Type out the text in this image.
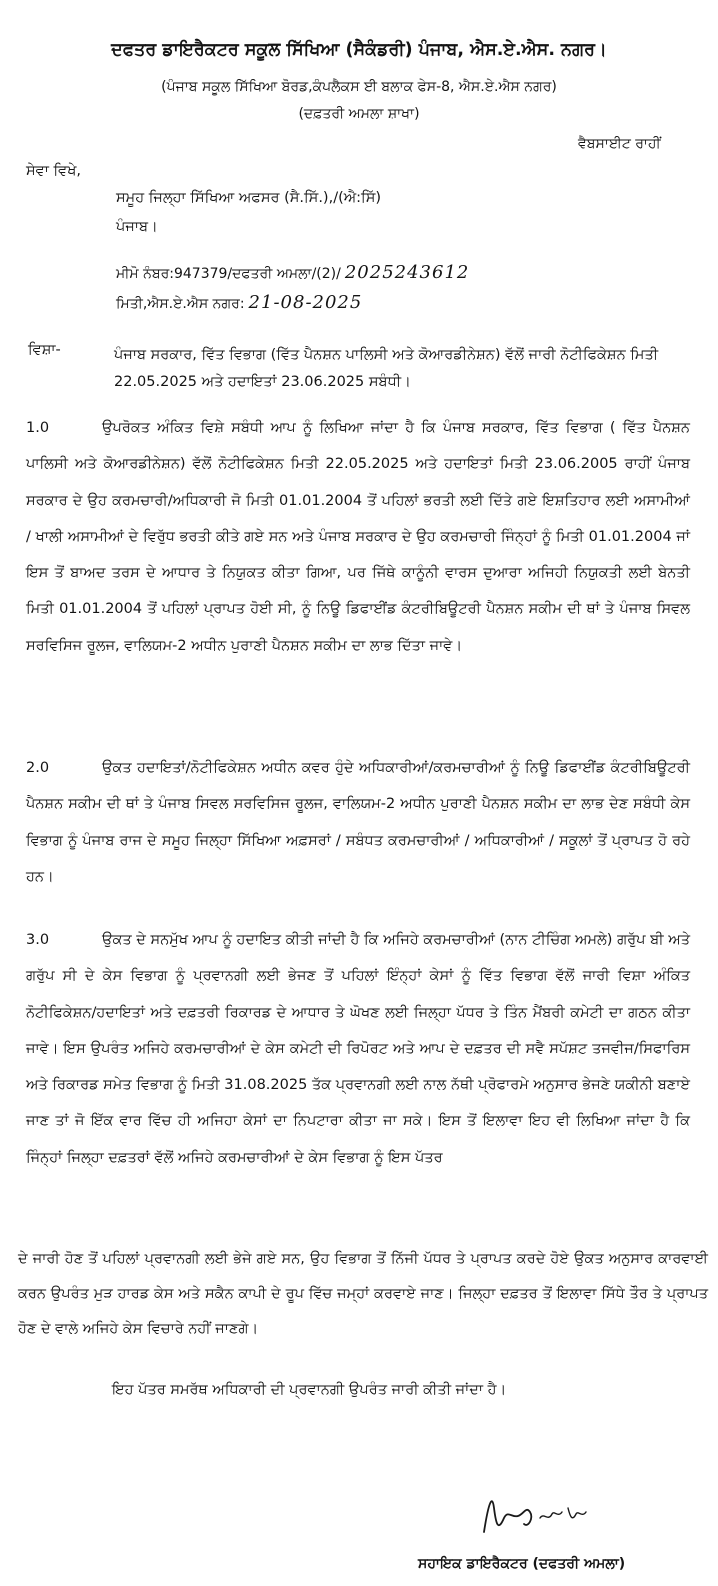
ਦਫਤਰ ਡਾਇਰੈਕਟਰ ਸਕੂਲ ਸਿੱਖਿਆ (ਸੈਕੰਡਰੀ) ਪੰਜਾਬ, ਐਸ.ਏ.ਐਸ. ਨਗਰ।
(ਪੰਜਾਬ ਸਕੂਲ ਸਿੱਖਿਆ ਬੋਰਡ,ਕੰਪਲੈਕਸ ਈ ਬਲਾਕ ਫੇਸ-8, ਐਸ.ਏ.ਐਸ ਨਗਰ)
(ਦਫ਼ਤਰੀ ਅਮਲਾ ਸ਼ਾਖਾ)
ਵੈਬਸਾਈਟ ਰਾਹੀਂ
ਸੇਵਾ ਵਿਖੇ,
ਸਮੂਹ ਜਿਲ੍ਹਾ ਸਿੱਖਿਆ ਅਫਸਰ (ਸੈ.ਸਿੱ.),/(ਐ:ਸਿੱ)
ਪੰਜਾਬ।
ਮੀਮੋ ਨੰਬਰ:947379/ਦਫਤਰੀ ਅਮਲਾ/(2)/ 2025243612
ਮਿਤੀ,ਐਸ.ਏ.ਐਸ ਨਗਰ: 21-08-2025
ਵਿਸ਼ਾ-	ਪੰਜਾਬ ਸਰਕਾਰ, ਵਿੱਤ ਵਿਭਾਗ (ਵਿੱਤ ਪੈਨਸ਼ਨ ਪਾਲਿਸੀ ਅਤੇ ਕੋਆਰਡੀਨੇਸ਼ਨ) ਵੱਲੋਂ ਜਾਰੀ ਨੋਟੀਫਿਕੇਸ਼ਨ ਮਿਤੀ 22.05.2025 ਅਤੇ ਹਦਾਇਤਾਂ 23.06.2025 ਸਬੰਧੀ।
1.0	ਉਪਰੋਕਤ ਅੰਕਿਤ ਵਿਸ਼ੇ ਸਬੰਧੀ ਆਪ ਨੂੰ ਲਿਖਿਆ ਜਾਂਦਾ ਹੈ ਕਿ ਪੰਜਾਬ ਸਰਕਾਰ, ਵਿੱਤ ਵਿਭਾਗ ( ਵਿੱਤ ਪੈਨਸ਼ਨ ਪਾਲਿਸੀ ਅਤੇ ਕੋਆਰਡੀਨੇਸ਼ਨ) ਵੱਲੋਂ ਨੋਟੀਫਿਕੇਸ਼ਨ ਮਿਤੀ 22.05.2025 ਅਤੇ ਹਦਾਇਤਾਂ ਮਿਤੀ 23.06.2005 ਰਾਹੀਂ ਪੰਜਾਬ ਸਰਕਾਰ ਦੇ ਉਹ ਕਰਮਚਾਰੀ/ਅਧਿਕਾਰੀ ਜੋ ਮਿਤੀ 01.01.2004 ਤੋਂ ਪਹਿਲਾਂ ਭਰਤੀ ਲਈ ਦਿੱਤੇ ਗਏ ਇਸ਼ਤਿਹਾਰ ਲਈ ਅਸਾਮੀਆਂ / ਖਾਲੀ ਅਸਾਮੀਆਂ ਦੇ ਵਿਰੁੱਧ ਭਰਤੀ ਕੀਤੇ ਗਏ ਸਨ ਅਤੇ ਪੰਜਾਬ ਸਰਕਾਰ ਦੇ ਉਹ ਕਰਮਚਾਰੀ ਜਿੰਨ੍ਹਾਂ ਨੂੰ ਮਿਤੀ 01.01.2004 ਜਾਂ ਇਸ ਤੋਂ ਬਾਅਦ ਤਰਸ ਦੇ ਆਧਾਰ ਤੇ ਨਿਯੁਕਤ ਕੀਤਾ ਗਿਆ, ਪਰ ਜਿੱਥੇ ਕਾਨੂੰਨੀ ਵਾਰਸ ਦੁਆਰਾ ਅਜਿਹੀ ਨਿਯੁਕਤੀ ਲਈ ਬੇਨਤੀ ਮਿਤੀ 01.01.2004 ਤੋਂ ਪਹਿਲਾਂ ਪ੍ਰਾਪਤ ਹੋਈ ਸੀ, ਨੂੰ ਨਿਊ ਡਿਫਾਈਂਡ ਕੰਟਰੀਬਿਊਟਰੀ ਪੈਨਸ਼ਨ ਸਕੀਮ ਦੀ ਥਾਂ ਤੇ ਪੰਜਾਬ ਸਿਵਲ ਸਰਵਿਸਿਜ ਰੂਲਜ, ਵਾਲਿਯਮ-2 ਅਧੀਨ ਪੁਰਾਣੀ ਪੈਨਸ਼ਨ ਸਕੀਮ ਦਾ ਲਾਭ ਦਿੱਤਾ ਜਾਵੇ।
2.0	ਉਕਤ ਹਦਾਇਤਾਂ/ਨੋਟੀਫਿਕੇਸ਼ਨ ਅਧੀਨ ਕਵਰ ਹੁੰਦੇ ਅਧਿਕਾਰੀਆਂ/ਕਰਮਚਾਰੀਆਂ ਨੂੰ ਨਿਊ ਡਿਫਾਈਂਡ ਕੰਟਰੀਬਿਊਟਰੀ ਪੈਨਸ਼ਨ ਸਕੀਮ ਦੀ ਥਾਂ ਤੇ ਪੰਜਾਬ ਸਿਵਲ ਸਰਵਿਸਿਜ ਰੂਲਜ, ਵਾਲਿਯਮ-2 ਅਧੀਨ ਪੁਰਾਣੀ ਪੈਨਸ਼ਨ ਸਕੀਮ ਦਾ ਲਾਭ ਦੇਣ ਸਬੰਧੀ ਕੇਸ ਵਿਭਾਗ ਨੂੰ ਪੰਜਾਬ ਰਾਜ ਦੇ ਸਮੂਹ ਜਿਲ੍ਹਾ ਸਿੱਖਿਆ ਅਫ਼ਸਰਾਂ / ਸਬੰਧਤ ਕਰਮਚਾਰੀਆਂ / ਅਧਿਕਾਰੀਆਂ / ਸਕੂਲਾਂ ਤੋਂ ਪ੍ਰਾਪਤ ਹੋ ਰਹੇ ਹਨ।
3.0	ਉਕਤ ਦੇ ਸਨਮੁੱਖ ਆਪ ਨੂੰ ਹਦਾਇਤ ਕੀਤੀ ਜਾਂਦੀ ਹੈ ਕਿ ਅਜਿਹੇ ਕਰਮਚਾਰੀਆਂ (ਨਾਨ ਟੀਚਿੰਗ ਅਮਲੇ) ਗਰੁੱਪ ਬੀ ਅਤੇ ਗਰੁੱਪ ਸੀ ਦੇ ਕੇਸ ਵਿਭਾਗ ਨੂੰ ਪ੍ਰਵਾਨਗੀ ਲਈ ਭੇਜਣ ਤੋਂ ਪਹਿਲਾਂ ਇੰਨ੍ਹਾਂ ਕੇਸਾਂ ਨੂੰ ਵਿੱਤ ਵਿਭਾਗ ਵੱਲੋਂ ਜਾਰੀ ਵਿਸ਼ਾ ਅੰਕਿਤ ਨੋਟੀਫਿਕੇਸ਼ਨ/ਹਦਾਇਤਾਂ ਅਤੇ ਦਫ਼ਤਰੀ ਰਿਕਾਰਡ ਦੇ ਆਧਾਰ ਤੇ ਘੋਖਣ ਲਈ ਜਿਲ੍ਹਾ ਪੱਧਰ ਤੇ ਤਿੰਨ ਮੈਂਬਰੀ ਕਮੇਟੀ ਦਾ ਗਠਨ ਕੀਤਾ ਜਾਵੇ। ਇਸ ਉਪਰੰਤ ਅਜਿਹੇ ਕਰਮਚਾਰੀਆਂ ਦੇ ਕੇਸ ਕਮੇਟੀ ਦੀ ਰਿਪੋਰਟ ਅਤੇ ਆਪ ਦੇ ਦਫ਼ਤਰ ਦੀ ਸਵੈ ਸਪੱਸ਼ਟ ਤਜਵੀਜ/ਸਿਫਾਰਿਸ ਅਤੇ ਰਿਕਾਰਡ ਸਮੇਤ ਵਿਭਾਗ ਨੂੰ ਮਿਤੀ 31.08.2025 ਤੱਕ ਪ੍ਰਵਾਨਗੀ ਲਈ ਨਾਲ ਨੱਥੀ ਪ੍ਰੋਫਾਰਮੇ ਅਨੁਸਾਰ ਭੇਜਣੇ ਯਕੀਨੀ ਬਣਾਏ ਜਾਣ ਤਾਂ ਜੋ ਇੱਕ ਵਾਰ ਵਿੱਚ ਹੀ ਅਜਿਹਾ ਕੇਸਾਂ ਦਾ ਨਿਪਟਾਰਾ ਕੀਤਾ ਜਾ ਸਕੇ। ਇਸ ਤੋਂ ਇਲਾਵਾ ਇਹ ਵੀ ਲਿਖਿਆ ਜਾਂਦਾ ਹੈ ਕਿ ਜਿੰਨ੍ਹਾਂ ਜਿਲ੍ਹਾ ਦਫ਼ਤਰਾਂ ਵੱਲੋਂ ਅਜਿਹੇ ਕਰਮਚਾਰੀਆਂ ਦੇ ਕੇਸ ਵਿਭਾਗ ਨੂੰ ਇਸ ਪੱਤਰ
ਦੇ ਜਾਰੀ ਹੋਣ ਤੋਂ ਪਹਿਲਾਂ ਪ੍ਰਵਾਨਗੀ ਲਈ ਭੇਜੇ ਗਏ ਸਨ, ਉਹ ਵਿਭਾਗ ਤੋਂ ਨਿੱਜੀ ਪੱਧਰ ਤੇ ਪ੍ਰਾਪਤ ਕਰਦੇ ਹੋਏ ਉਕਤ ਅਨੁਸਾਰ ਕਾਰਵਾਈ ਕਰਨ ਉਪਰੰਤ ਮੁੜ ਹਾਰਡ ਕੇਸ ਅਤੇ ਸਕੈਨ ਕਾਪੀ ਦੇ ਰੂਪ ਵਿੱਚ ਜਮ੍ਹਾਂ ਕਰਵਾਏ ਜਾਣ। ਜਿਲ੍ਹਾ ਦਫ਼ਤਰ ਤੋਂ ਇਲਾਵਾ ਸਿੱਧੇ ਤੌਰ ਤੇ ਪ੍ਰਾਪਤ ਹੋਣ ਦੇ ਵਾਲੇ ਅਜਿਹੇ ਕੇਸ ਵਿਚਾਰੇ ਨਹੀਂ ਜਾਣਗੇ।
ਇਹ ਪੱਤਰ ਸਮਰੱਥ ਅਧਿਕਾਰੀ ਦੀ ਪ੍ਰਵਾਨਗੀ ਉਪਰੰਤ ਜਾਰੀ ਕੀਤੀ ਜਾਂਦਾ ਹੈ।
ਸਹਾਇਕ ਡਾਇਰੈਕਟਰ (ਦਫਤਰੀ ਅਮਲਾ)
